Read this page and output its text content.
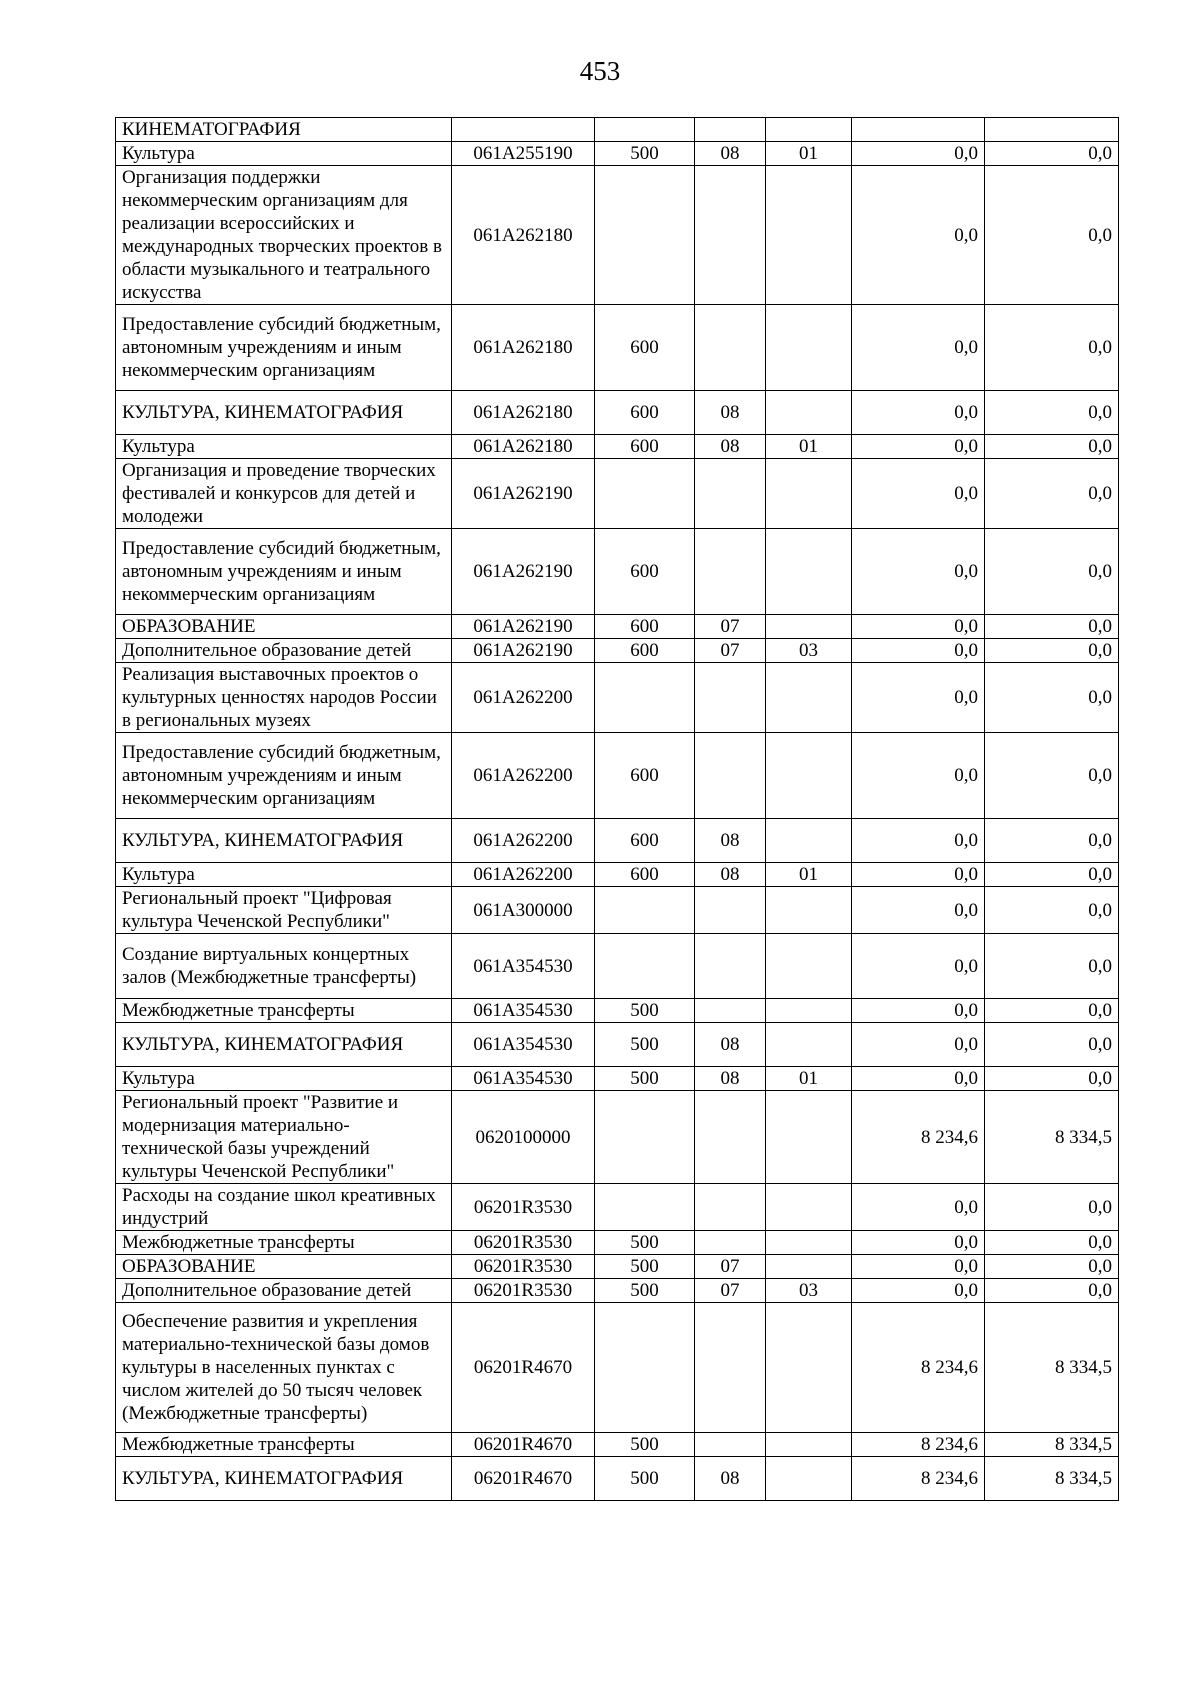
453
КИНЕМАТОГРАФИЯ						
Культура	061A255190	500	08	01	0,0	0,0
Организация поддержки некоммерческим организациям для реализации всероссийских и международных творческих проектов в области музыкального и театрального искусства	061A262180				0,0	0,0
Предоставление субсидий бюджетным, автономным учреждениям и иным некоммерческим организациям	061A262180	600			0,0	0,0
КУЛЬТУРА, КИНЕМАТОГРАФИЯ	061A262180	600	08		0,0	0,0
Культура	061A262180	600	08	01	0,0	0,0
Организация и проведение творческих фестивалей и конкурсов для детей и молодежи	061A262190				0,0	0,0
Предоставление субсидий бюджетным, автономным учреждениям и иным некоммерческим организациям	061A262190	600			0,0	0,0
ОБРАЗОВАНИЕ	061A262190	600	07		0,0	0,0
Дополнительное образование детей	061A262190	600	07	03	0,0	0,0
Реализация выставочных проектов о культурных ценностях народов России в региональных музеях	061A262200				0,0	0,0
Предоставление субсидий бюджетным, автономным учреждениям и иным некоммерческим организациям	061A262200	600			0,0	0,0
КУЛЬТУРА, КИНЕМАТОГРАФИЯ	061A262200	600	08		0,0	0,0
Культура	061A262200	600	08	01	0,0	0,0
Региональный проект "Цифровая культура Чеченской Республики"	061A300000				0,0	0,0
Создание виртуальных концертных залов (Межбюджетные трансферты)	061A354530				0,0	0,0
Межбюджетные трансферты	061A354530	500			0,0	0,0
КУЛЬТУРА, КИНЕМАТОГРАФИЯ	061A354530	500	08		0,0	0,0
Культура	061A354530	500	08	01	0,0	0,0
Региональный проект "Развитие и модернизация материально-технической базы учреждений культуры Чеченской Республики"	0620100000				8 234,6	8 334,5
Расходы на создание школ креативных индустрий	06201R3530				0,0	0,0
Межбюджетные трансферты	06201R3530	500			0,0	0,0
ОБРАЗОВАНИЕ	06201R3530	500	07		0,0	0,0
Дополнительное образование детей	06201R3530	500	07	03	0,0	0,0
Обеспечение развития и укрепления материально-технической базы домов культуры в населенных пунктах с числом жителей до 50 тысяч человек (Межбюджетные трансферты)	06201R4670				8 234,6	8 334,5
Межбюджетные трансферты	06201R4670	500			8 234,6	8 334,5
КУЛЬТУРА, КИНЕМАТОГРАФИЯ	06201R4670	500	08		8 234,6	8 334,5
